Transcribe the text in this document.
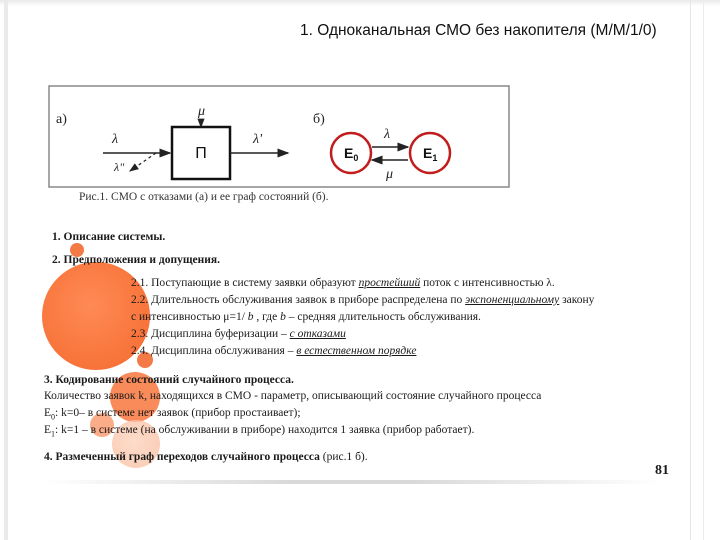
1. Одноканальная СМО без накопителя (М/М/1/0)
а)
λ
λ"
П
μ
λ'
б)
$E_0$	$E_1$
λ
μ
Рис.1. СМО с отказами (а) и ее граф состояний (б).
1. Описание системы.
2. Предположения и допущения.
2.1. Поступающие в систему заявки образуют простейший поток с интенсивностью λ.
2.2. Длительность обслуживания заявок в приборе распределена по экспоненциальному закону
с интенсивностью μ=1/ b , где b – средняя длительность обслуживания.
2.3. Дисциплина буферизации – с отказами
2.4. Дисциплина обслуживания – в естественном порядке
3. Кодирование состояний случайного процесса.
Количество заявок k, находящихся в СМО - параметр, описывающий состояние случайного процесса
$E_0$: k=0– в системе нет заявок (прибор простаивает);
$E_1$: k=1 – в системе (на обслуживании в приборе) находится 1 заявка (прибор работает).
4. Размеченный граф переходов случайного процесса (рис.1 б).
81
